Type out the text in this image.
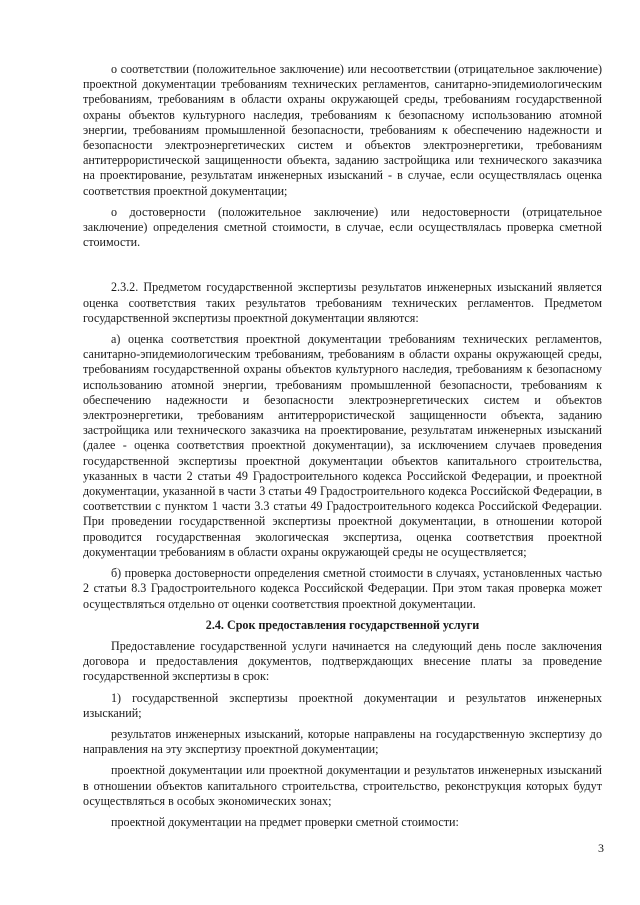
о соответствии (положительное заключение) или несоответствии (отрицательное заключение) проектной документации требованиям технических регламентов, санитарно-эпидемиологическим требованиям, требованиям в области охраны окружающей среды, требованиям государственной охраны объектов культурного наследия, требованиям к безопасному использованию атомной энергии, требованиям промышленной безопасности, требованиям к обеспечению надежности и безопасности электроэнергетических систем и объектов электроэнергетики, требованиям антитеррористической защищенности объекта, заданию застройщика или технического заказчика на проектирование, результатам инженерных изысканий - в случае, если осуществлялась оценка соответствия проектной документации;

о достоверности (положительное заключение) или недостоверности (отрицательное заключение) определения сметной стоимости, в случае, если осуществлялась проверка сметной стоимости.

2.3.2. Предметом государственной экспертизы результатов инженерных изысканий является оценка соответствия таких результатов требованиям технических регламентов. Предметом государственной экспертизы проектной документации являются:

а) оценка соответствия проектной документации требованиям технических регламентов, санитарно-эпидемиологическим требованиям, требованиям в области охраны окружающей среды, требованиям государственной охраны объектов культурного наследия, требованиям к безопасному использованию атомной энергии, требованиям промышленной безопасности, требованиям к обеспечению надежности и безопасности электроэнергетических систем и объектов электроэнергетики, требованиям антитеррористической защищенности объекта, заданию застройщика или технического заказчика на проектирование, результатам инженерных изысканий (далее - оценка соответствия проектной документации), за исключением случаев проведения государственной экспертизы проектной документации объектов капитального строительства, указанных в части 2 статьи 49 Градостроительного кодекса Российской Федерации, и проектной документации, указанной в части 3 статьи 49 Градостроительного кодекса Российской Федерации, в соответствии с пунктом 1 части 3.3 статьи 49 Градостроительного кодекса Российской Федерации. При проведении государственной экспертизы проектной документации, в отношении которой проводится государственная экологическая экспертиза, оценка соответствия проектной документации требованиям в области охраны окружающей среды не осуществляется;

б) проверка достоверности определения сметной стоимости в случаях, установленных частью 2 статьи 8.3 Градостроительного кодекса Российской Федерации. При этом такая проверка может осуществляться отдельно от оценки соответствия проектной документации.

2.4. Срок предоставления государственной услуги

Предоставление государственной услуги начинается на следующий день после заключения договора и предоставления документов, подтверждающих внесение платы за проведение государственной экспертизы в срок:

1) государственной экспертизы проектной документации и результатов инженерных изысканий;

результатов инженерных изысканий, которые направлены на государственную экспертизу до направления на эту экспертизу проектной документации;

проектной документации или проектной документации и результатов инженерных изысканий в отношении объектов капитального строительства, строительство, реконструкция которых будут осуществляться в особых экономических зонах;

проектной документации на предмет проверки сметной стоимости:

3
